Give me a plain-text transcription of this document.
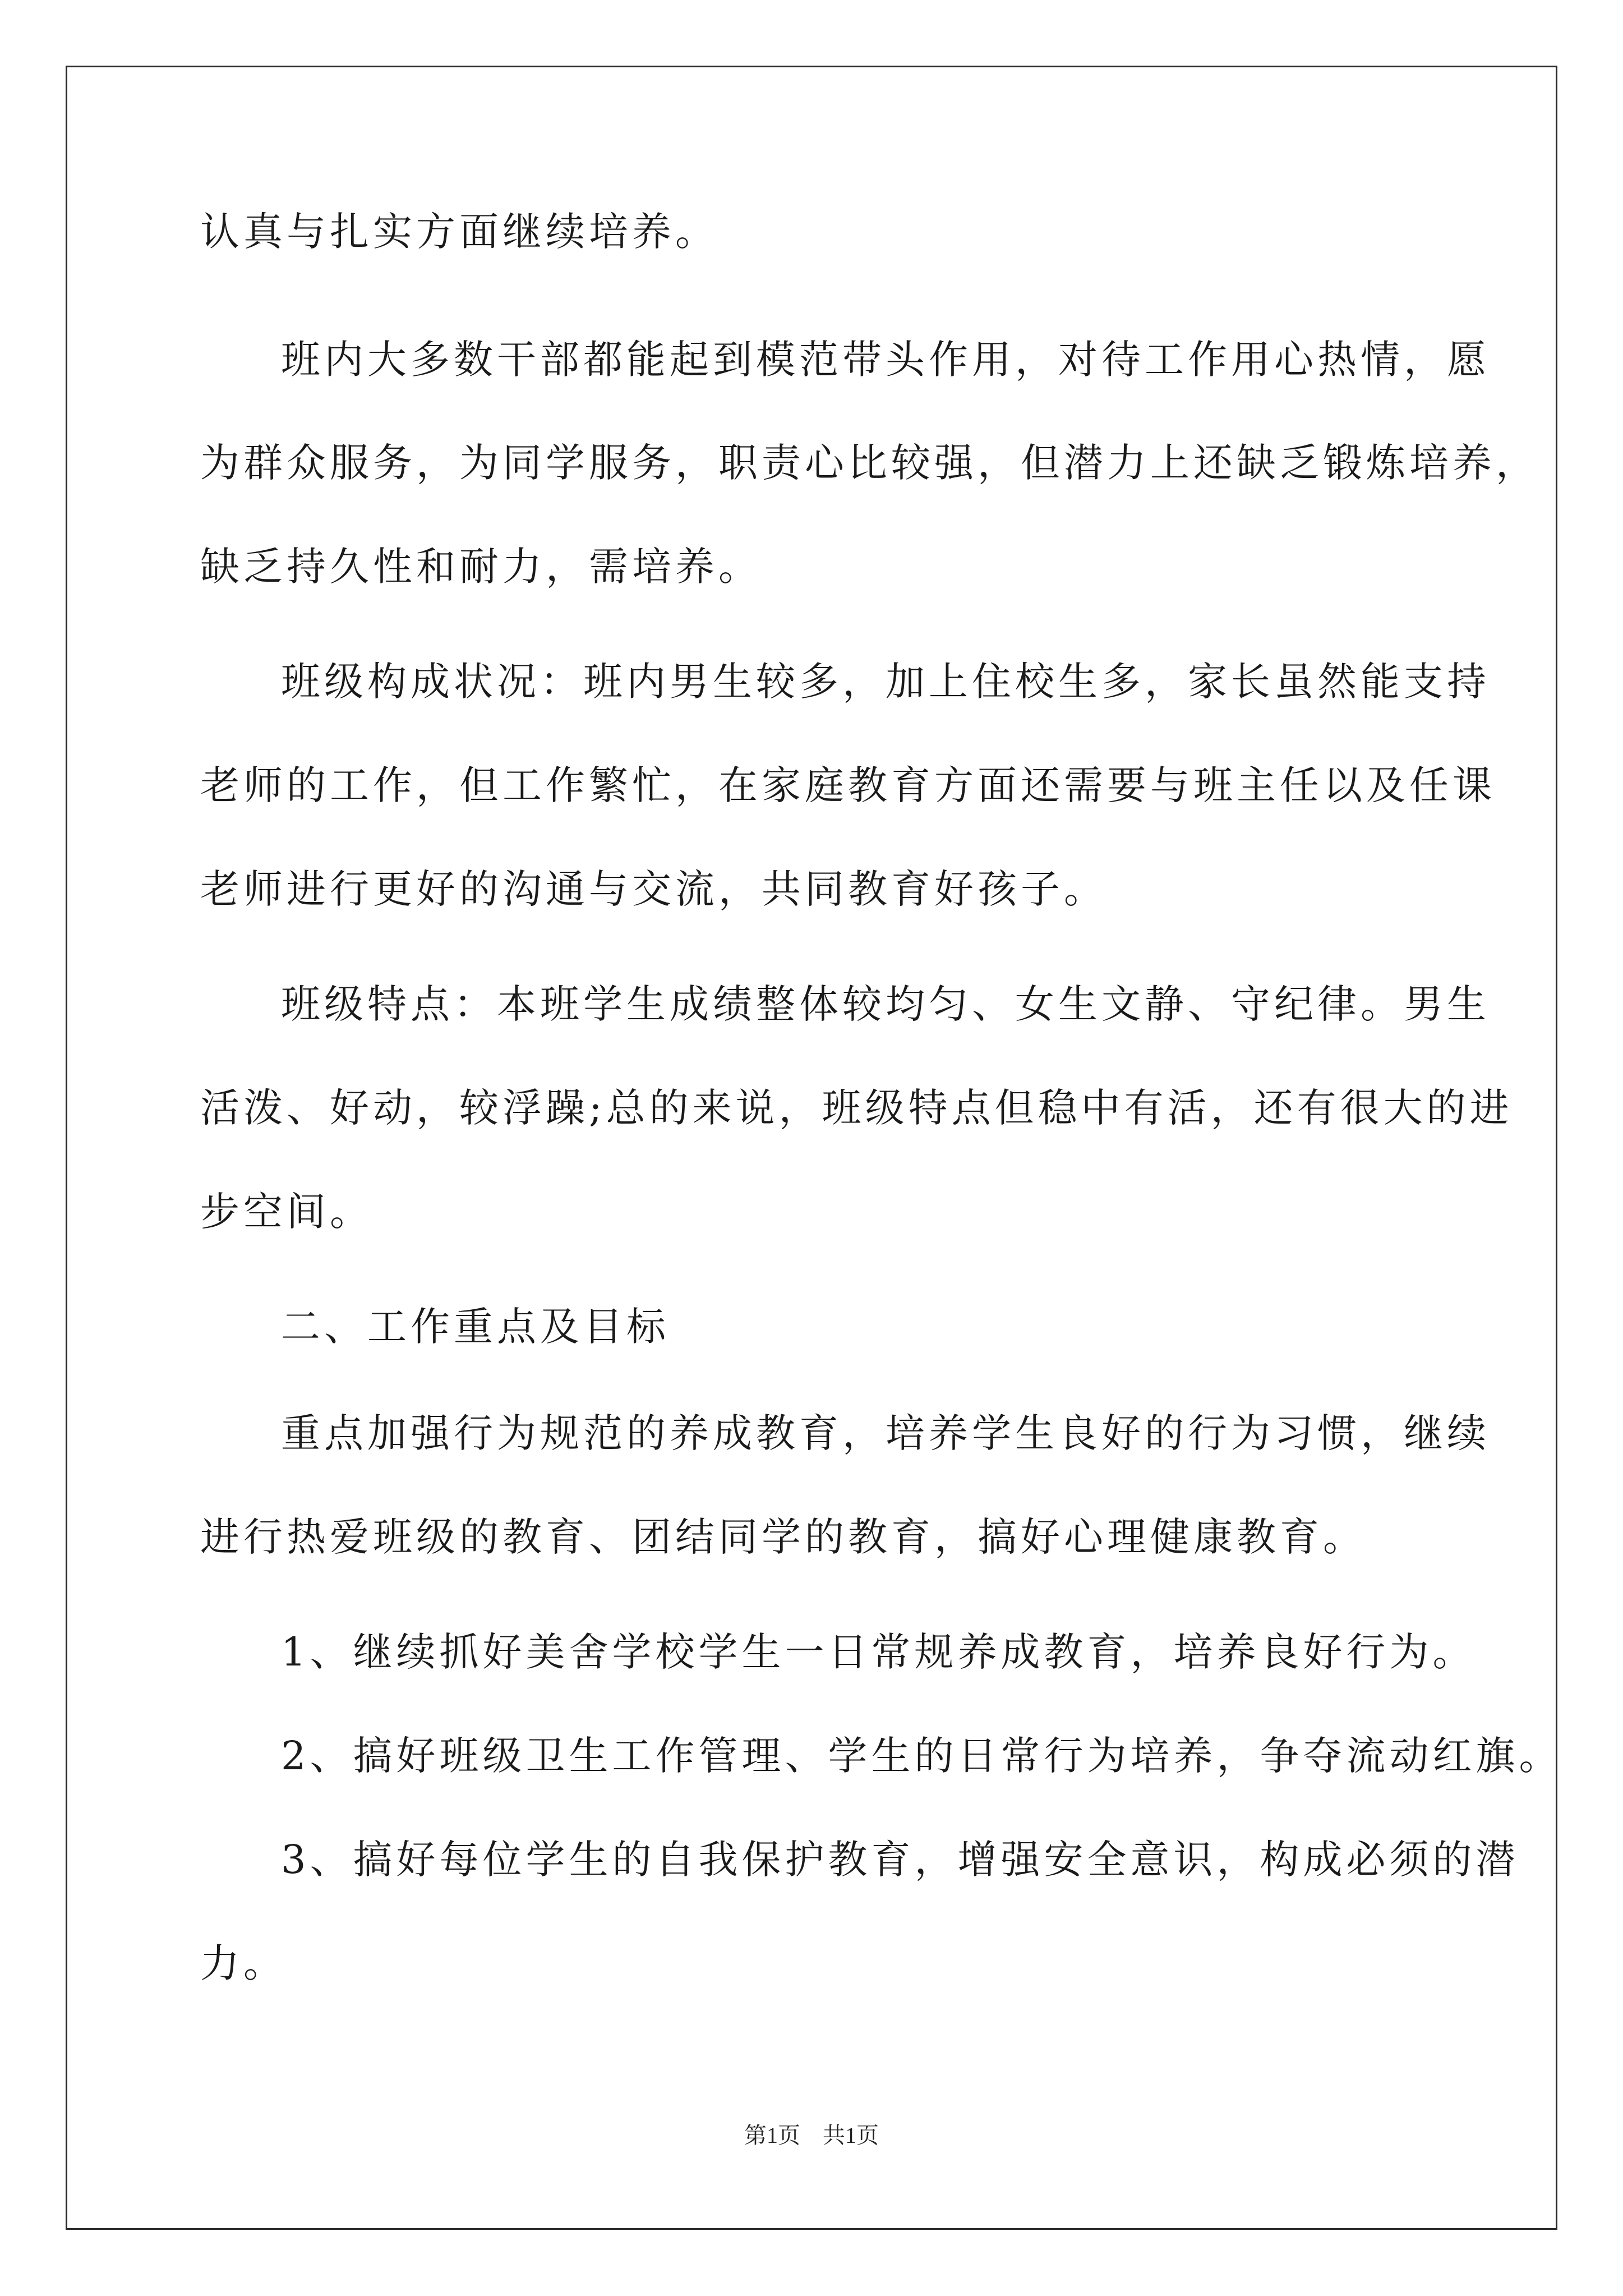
认真与扎实方面继续培养。
班内大多数干部都能起到模范带头作用，对待工作用心热情，愿
为群众服务，为同学服务，职责心比较强，但潜力上还缺乏锻炼培养，
缺乏持久性和耐力，需培养。
班级构成状况：班内男生较多，加上住校生多，家长虽然能支持
老师的工作，但工作繁忙，在家庭教育方面还需要与班主任以及任课
老师进行更好的沟通与交流，共同教育好孩子。
班级特点：本班学生成绩整体较均匀、女生文静、守纪律。男生
活泼、好动，较浮躁;总的来说，班级特点但稳中有活，还有很大的进
步空间。
二、工作重点及目标
重点加强行为规范的养成教育，培养学生良好的行为习惯，继续
进行热爱班级的教育、团结同学的教育，搞好心理健康教育。
1、继续抓好美舍学校学生一日常规养成教育，培养良好行为。
2、搞好班级卫生工作管理、学生的日常行为培养，争夺流动红旗。
3、搞好每位学生的自我保护教育，增强安全意识，构成必须的潜
力。
第1页　共1页
